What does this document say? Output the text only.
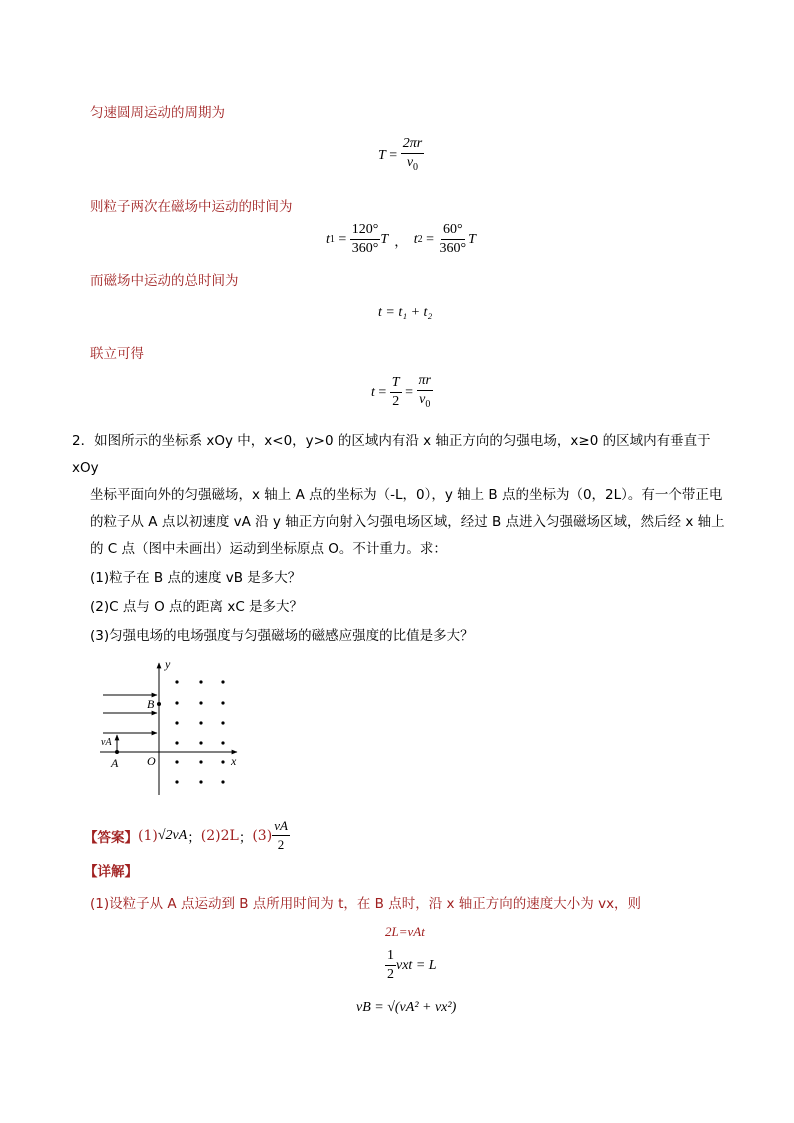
匀速圆周运动的周期为
$T = \frac{2\pi r}{v_0}$
则粒子两次在磁场中运动的时间为
t $1 = \frac{120^\circ}{360^\circ}$ T ， t $2 = \frac{60^\circ}{360^\circ}$ T
而磁场中运动的总时间为
t = t₁ + t₂
联立可得
$t = \frac{T}{2} = \frac{\pi r}{v_0}$
2．如图所示的坐标系 xOy 中，x<0，y>0 的区域内有沿 x 轴正方向的匀强电场，x≥0 的区域内有垂直于 xOy
坐标平面向外的匀强磁场，x 轴上 A 点的坐标为（-L，0），y 轴上 B 点的坐标为（0，2L）。有一个带正电
的粒子从 A 点以初速度 vA 沿 y 轴正方向射入匀强电场区域，经过 B 点进入匀强磁场区域，然后经 x 轴上
的 C 点（图中未画出）运动到坐标原点 O。不计重力。求：
(1)粒子在 B 点的速度 vB 是多大？
(2)C 点与 O 点的距离 xC 是多大？
(3)匀强电场的电场强度与匀强磁场的磁感应强度的比值是多大？
y
x
B
A O
vA
【答案】 (1) √2vA ； (2)2L ； $(3) \frac{vA}{2}$
【详解】
(1)设粒子从 A 点运动到 B 点所用时间为 t，在 B 点时，沿 x 轴正方向的速度大小为 vx，则
2L=vAt
$\frac{1}{2}$ vxt = L
vB = √(vA² + vx²)
